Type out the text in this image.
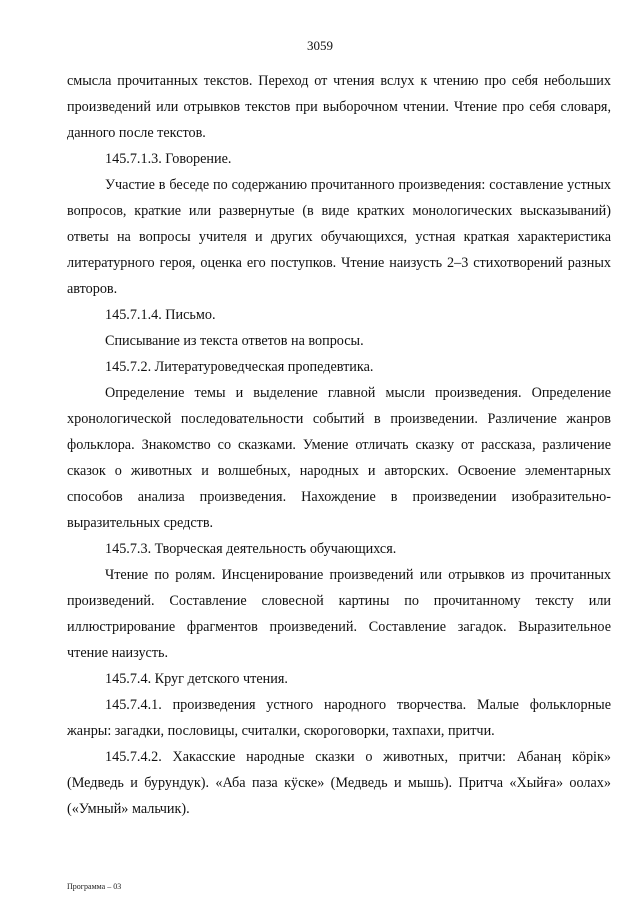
3059

смысла прочитанных текстов. Переход от чтения вслух к чтению про себя небольших произведений или отрывков текстов при выборочном чтении. Чтение про себя словаря, данного после текстов.

145.7.1.3. Говорение.

Участие в беседе по содержанию прочитанного произведения: составление устных вопросов, краткие или развернутые (в виде кратких монологических высказываний) ответы на вопросы учителя и других обучающихся, устная краткая характеристика литературного героя, оценка его поступков. Чтение наизусть 2–3 стихотворений разных авторов.

145.7.1.4. Письмо.

Списывание из текста ответов на вопросы.

145.7.2. Литературоведческая пропедевтика.

Определение темы и выделение главной мысли произведения. Определение хронологической последовательности событий в произведении. Различение жанров фольклора. Знакомство со сказками. Умение отличать сказку от рассказа, различение сказок о животных и волшебных, народных и авторских. Освоение элементарных способов анализа произведения. Нахождение в произведении изобразительно-выразительных средств.

145.7.3. Творческая деятельность обучающихся.

Чтение по ролям. Инсценирование произведений или отрывков из прочитанных произведений. Составление словесной картины по прочитанному тексту или иллюстрирование фрагментов произведений. Составление загадок. Выразительное чтение наизусть.

145.7.4. Круг детского чтения.

145.7.4.1. произведения устного народного творчества. Малые фольклорные жанры: загадки, пословицы, считалки, скороговорки, тахпахи, притчи.

145.7.4.2. Хакасские народные сказки о животных, притчи: Абанаӊ кӧрiк» (Медведь и бурундук). «Аба паза кӱске» (Медведь и мышь). Притча «Хыйға» оолах» («Умный» мальчик).

Программа – 03
